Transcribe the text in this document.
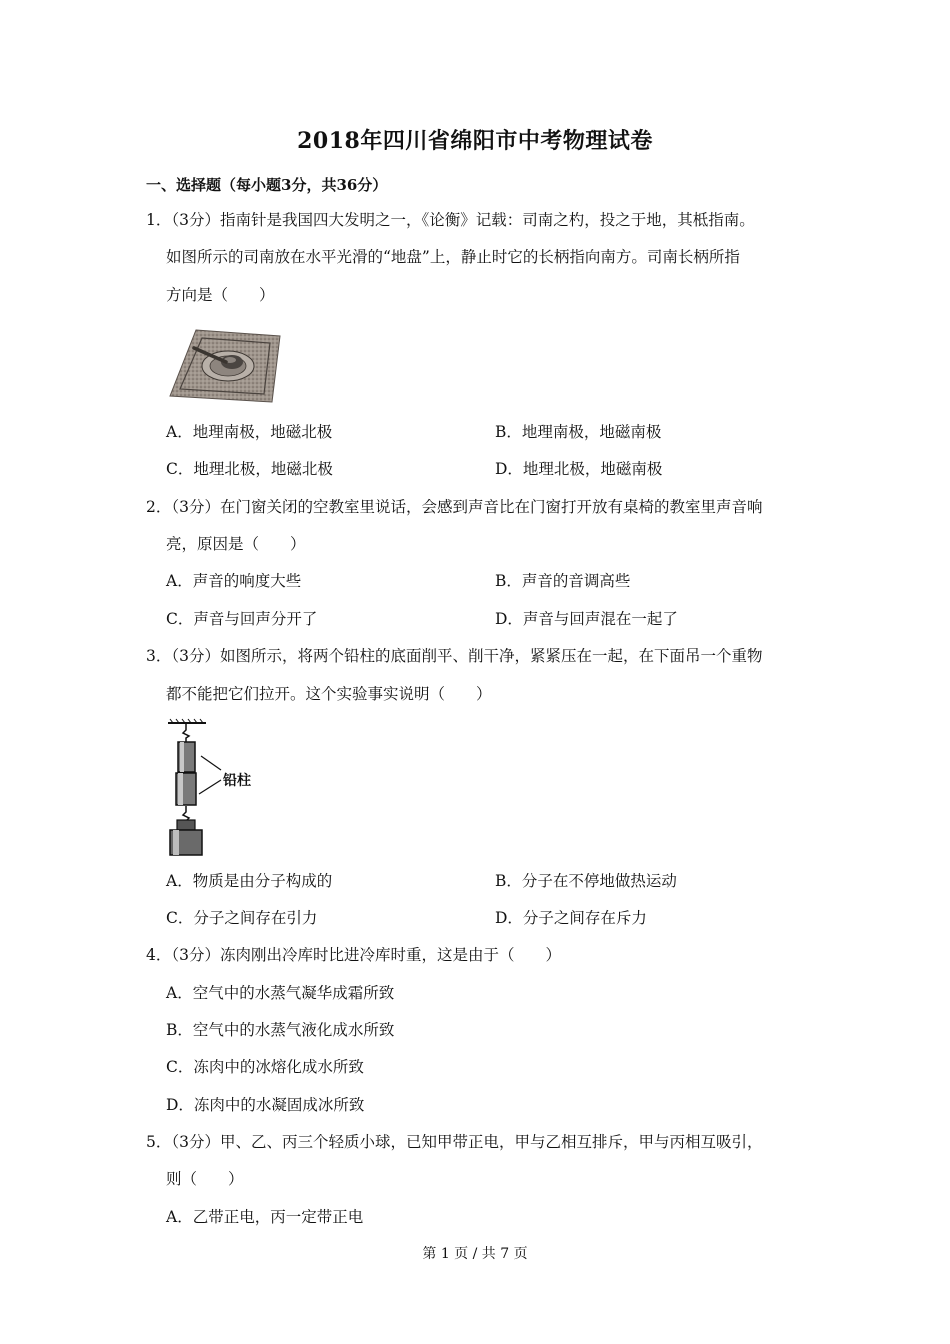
2018年四川省绵阳市中考物理试卷
一、选择题（每小题3分，共36分）
1．（3分）指南针是我国四大发明之一，《论衡》记载：司南之杓，投之于地，其柢指南。
如图所示的司南放在水平光滑的“地盘”上，静止时它的长柄指向南方。司南长柄所指
方向是（　　）
A．地理南极，地磁北极	B．地理南极，地磁南极
C．地理北极，地磁北极	D．地理北极，地磁南极
2．（3分）在门窗关闭的空教室里说话，会感到声音比在门窗打开放有桌椅的教室里声音响
亮，原因是（　　）
A．声音的响度大些	B．声音的音调高些
C．声音与回声分开了	D．声音与回声混在一起了
3．（3分）如图所示，将两个铅柱的底面削平、削干净，紧紧压在一起，在下面吊一个重物
都不能把它们拉开。这个实验事实说明（　　）
铅柱
A．物质是由分子构成的	B．分子在不停地做热运动
C．分子之间存在引力	D．分子之间存在斥力
4．（3分）冻肉刚出冷库时比进冷库时重，这是由于（　　）
A．空气中的水蒸气凝华成霜所致
B．空气中的水蒸气液化成水所致
C．冻肉中的冰熔化成水所致
D．冻肉中的水凝固成冰所致
5．（3分）甲、乙、丙三个轻质小球，已知甲带正电，甲与乙相互排斥，甲与丙相互吸引，
则（　　）
A．乙带正电，丙一定带正电
第 1 页 / 共 7 页
